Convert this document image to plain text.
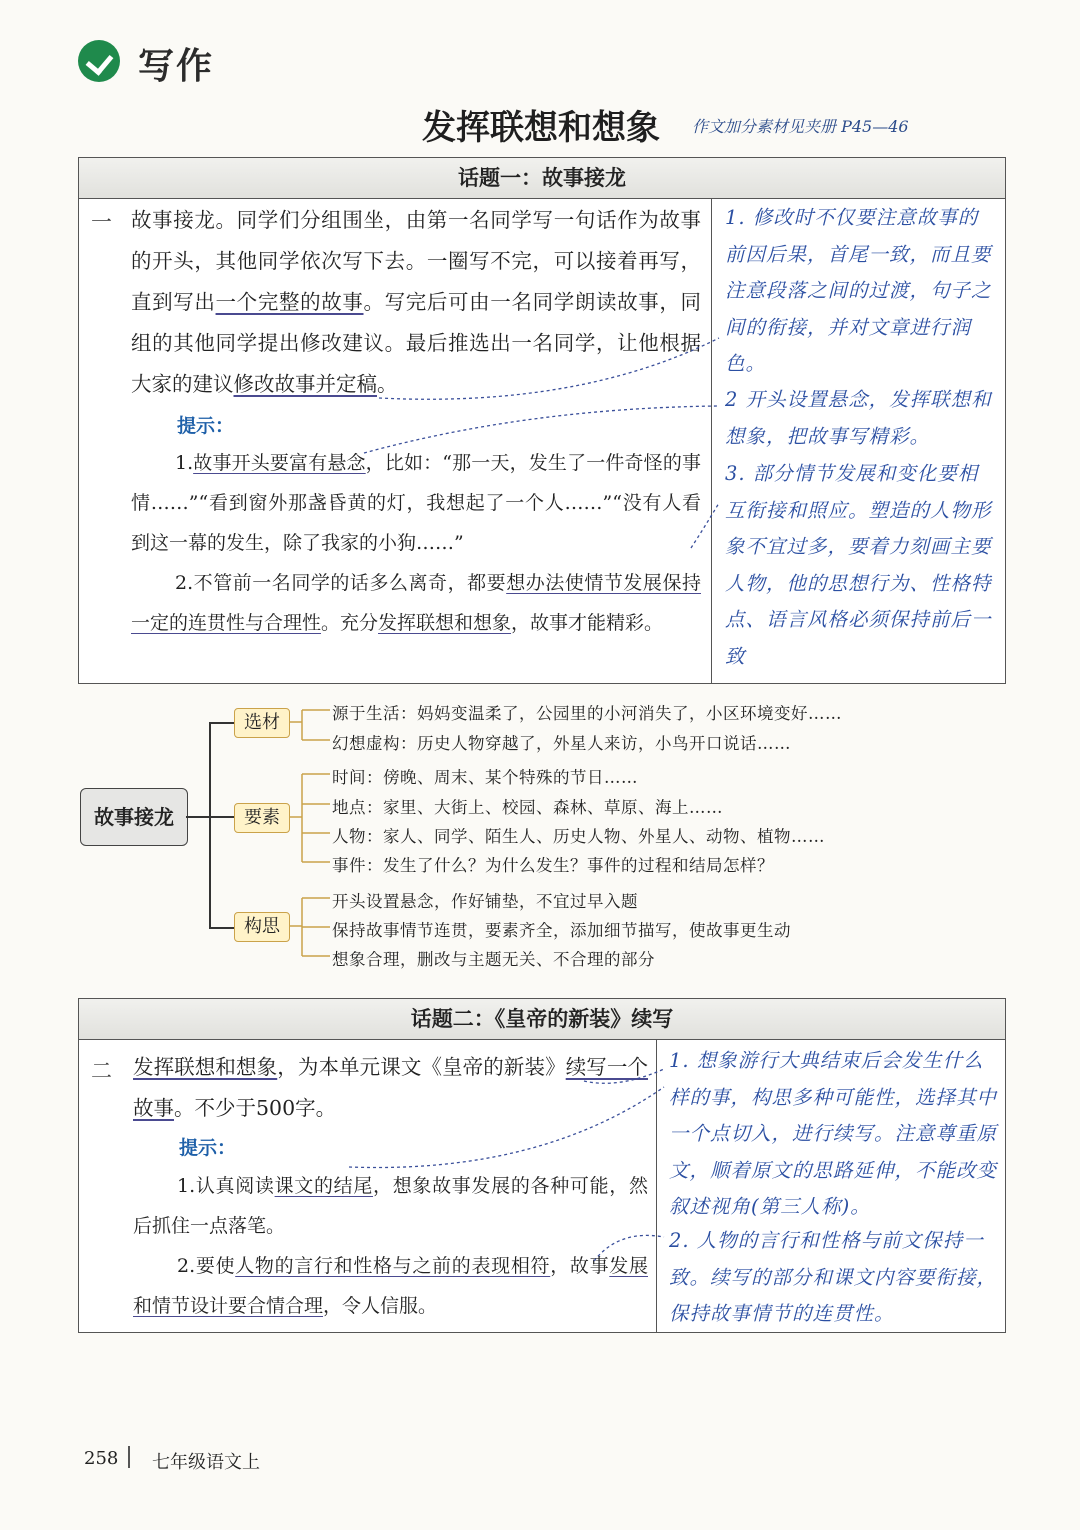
写作
发挥联想和想象 作文加分素材见夹册 P45—46
话题一：故事接龙
一 故事接龙。同学们分组围坐，由第一名同学写一句话作为故事的开头，其他同学依次写下去。一圈写不完，可以接着再写，直到写出一个完整的故事。写完后可由一名同学朗读故事，同组的其他同学提出修改建议。最后推选出一名同学，让他根据大家的建议修改故事并定稿。
提示：
1.故事开头要富有悬念，比如：“那一天，发生了一件奇怪的事情……”“看到窗外那盏昏黄的灯，我想起了一个人……”“没有人看到这一幕的发生，除了我家的小狗……”
2.不管前一名同学的话多么离奇，都要想办法使情节发展保持一定的连贯性与合理性。充分发挥联想和想象，故事才能精彩。
1. 修改时不仅要注意故事的前因后果，首尾一致，而且要注意段落之间的过渡，句子之间的衔接，并对文章进行润色。
2 开头设置悬念，发挥联想和想象，把故事写精彩。
3. 部分情节发展和变化要相互衔接和照应。塑造的人物形象不宜过多，要着力刻画主要人物，他的思想行为、性格特点、语言风格必须保持前后一致
故事接龙
选材
要素
构思
源于生活：妈妈变温柔了，公园里的小河消失了，小区环境变好……
幻想虚构：历史人物穿越了，外星人来访，小鸟开口说话……
时间：傍晚、周末、某个特殊的节日……
地点：家里、大街上、校园、森林、草原、海上……
人物：家人、同学、陌生人、历史人物、外星人、动物、植物……
事件：发生了什么？为什么发生？事件的过程和结局怎样？
开头设置悬念，作好铺垫，不宜过早入题
保持故事情节连贯，要素齐全，添加细节描写，使故事更生动
想象合理，删改与主题无关、不合理的部分
话题二：《皇帝的新装》续写
二 发挥联想和想象，为本单元课文《皇帝的新装》续写一个故事。不少于500字。
提示：
1.认真阅读课文的结尾，想象故事发展的各种可能，然后抓住一点落笔。
2.要使人物的言行和性格与之前的表现相符，故事发展和情节设计要合情合理，令人信服。
1. 想象游行大典结束后会发生什么样的事，构思多种可能性，选择其中一个点切入，进行续写。注意尊重原文，顺着原文的思路延伸，不能改变叙述视角(第三人称)。
2. 人物的言行和性格与前文保持一致。续写的部分和课文内容要衔接，保持故事情节的连贯性。
258 七年级语文上
